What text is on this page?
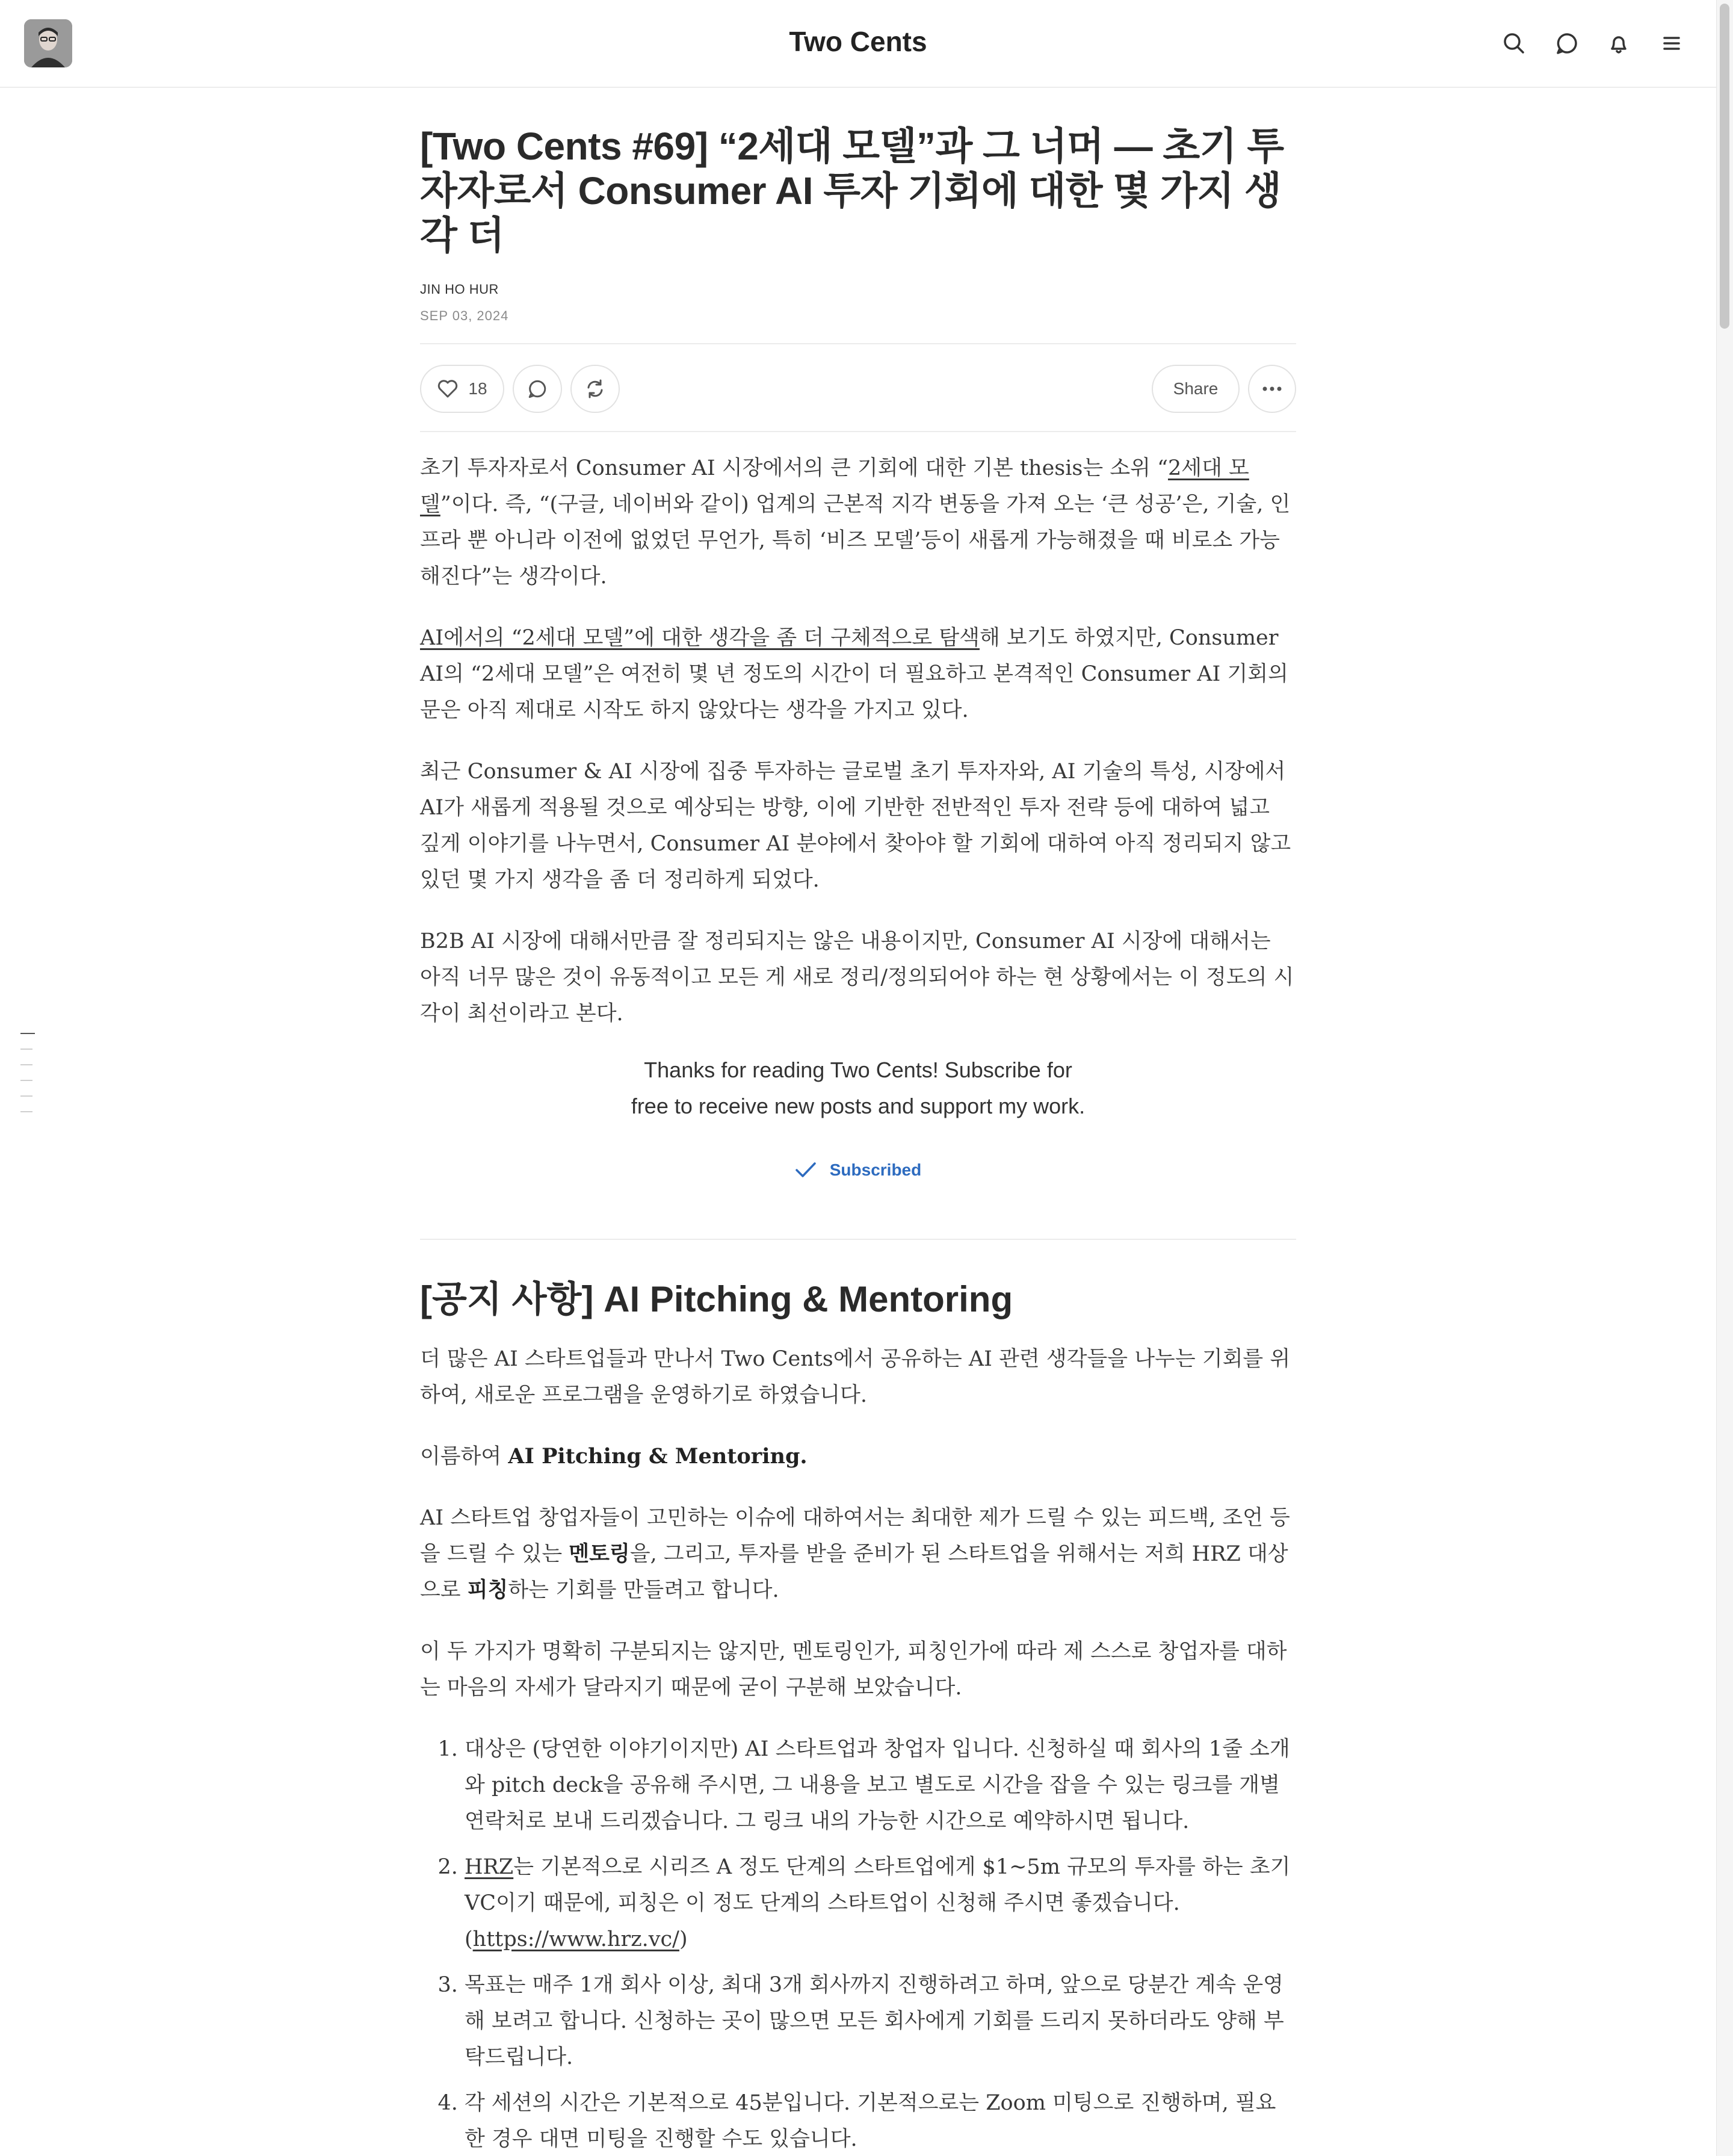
Two Cents
[Two Cents #69] “2세대 모델”과 그 너머 — 초기 투자자로서 Consumer AI 투자 기회에 대한 몇 가지 생각 더
JIN HO HUR
SEP 03, 2024
18	Share

초기 투자자로서 Consumer AI 시장에서의 큰 기회에 대한 기본 thesis는 소위 “2세대 모델”이다. 즉, “(구글, 네이버와 같이) 업계의 근본적 지각 변동을 가져 오는 ‘큰 성공’은, 기술, 인프라 뿐 아니라 이전에 없었던 무언가, 특히 ‘비즈 모델’등이 새롭게 가능해졌을 때 비로소 가능해진다”는 생각이다.

AI에서의 “2세대 모델”에 대한 생각을 좀 더 구체적으로 탐색해 보기도 하였지만, Consumer AI의 “2세대 모델”은 여전히 몇 년 정도의 시간이 더 필요하고 본격적인 Consumer AI 기회의 문은 아직 제대로 시작도 하지 않았다는 생각을 가지고 있다.

최근 Consumer & AI 시장에 집중 투자하는 글로벌 초기 투자자와, AI 기술의 특성, 시장에서 AI가 새롭게 적용될 것으로 예상되는 방향, 이에 기반한 전반적인 투자 전략 등에 대하여 넓고 깊게 이야기를 나누면서, Consumer AI 분야에서 찾아야 할 기회에 대하여 아직 정리되지 않고 있던 몇 가지 생각을 좀 더 정리하게 되었다.

B2B AI 시장에 대해서만큼 잘 정리되지는 않은 내용이지만, Consumer AI 시장에 대해서는 아직 너무 많은 것이 유동적이고 모든 게 새로 정리/정의되어야 하는 현 상황에서는 이 정도의 시각이 최선이라고 본다.

Thanks for reading Two Cents! Subscribe for
free to receive new posts and support my work.
Subscribed
[공지 사항] AI Pitching & Mentoring

더 많은 AI 스타트업들과 만나서 Two Cents에서 공유하는 AI 관련 생각들을 나누는 기회를 위하여, 새로운 프로그램을 운영하기로 하였습니다.

이름하여 AI Pitching & Mentoring.

AI 스타트업 창업자들이 고민하는 이슈에 대하여서는 최대한 제가 드릴 수 있는 피드백, 조언 등을 드릴 수 있는 멘토링을, 그리고, 투자를 받을 준비가 된 스타트업을 위해서는 저희 HRZ 대상으로 피칭하는 기회를 만들려고 합니다.

이 두 가지가 명확히 구분되지는 않지만, 멘토링인가, 피칭인가에 따라 제 스스로 창업자를 대하는 마음의 자세가 달라지기 때문에 굳이 구분해 보았습니다.

1. 대상은 (당연한 이야기이지만) AI 스타트업과 창업자 입니다. 신청하실 때 회사의 1줄 소개와 pitch deck을 공유해 주시면, 그 내용을 보고 별도로 시간을 잡을 수 있는 링크를 개별 연락처로 보내 드리겠습니다. 그 링크 내의 가능한 시간으로 예약하시면 됩니다.
2. HRZ는 기본적으로 시리즈 A 정도 단계의 스타트업에게 $1~5m 규모의 투자를 하는 초기 VC이기 때문에, 피칭은 이 정도 단계의 스타트업이 신청해 주시면 좋겠습니다. (https://www.hrz.vc/)
3. 목표는 매주 1개 회사 이상, 최대 3개 회사까지 진행하려고 하며, 앞으로 당분간 계속 운영해 보려고 합니다. 신청하는 곳이 많으면 모든 회사에게 기회를 드리지 못하더라도 양해 부탁드립니다.
4. 각 세션의 시간은 기본적으로 45분입니다. 기본적으로는 Zoom 미팅으로 진행하며, 필요한 경우 대면 미팅을 진행할 수도 있습니다.
